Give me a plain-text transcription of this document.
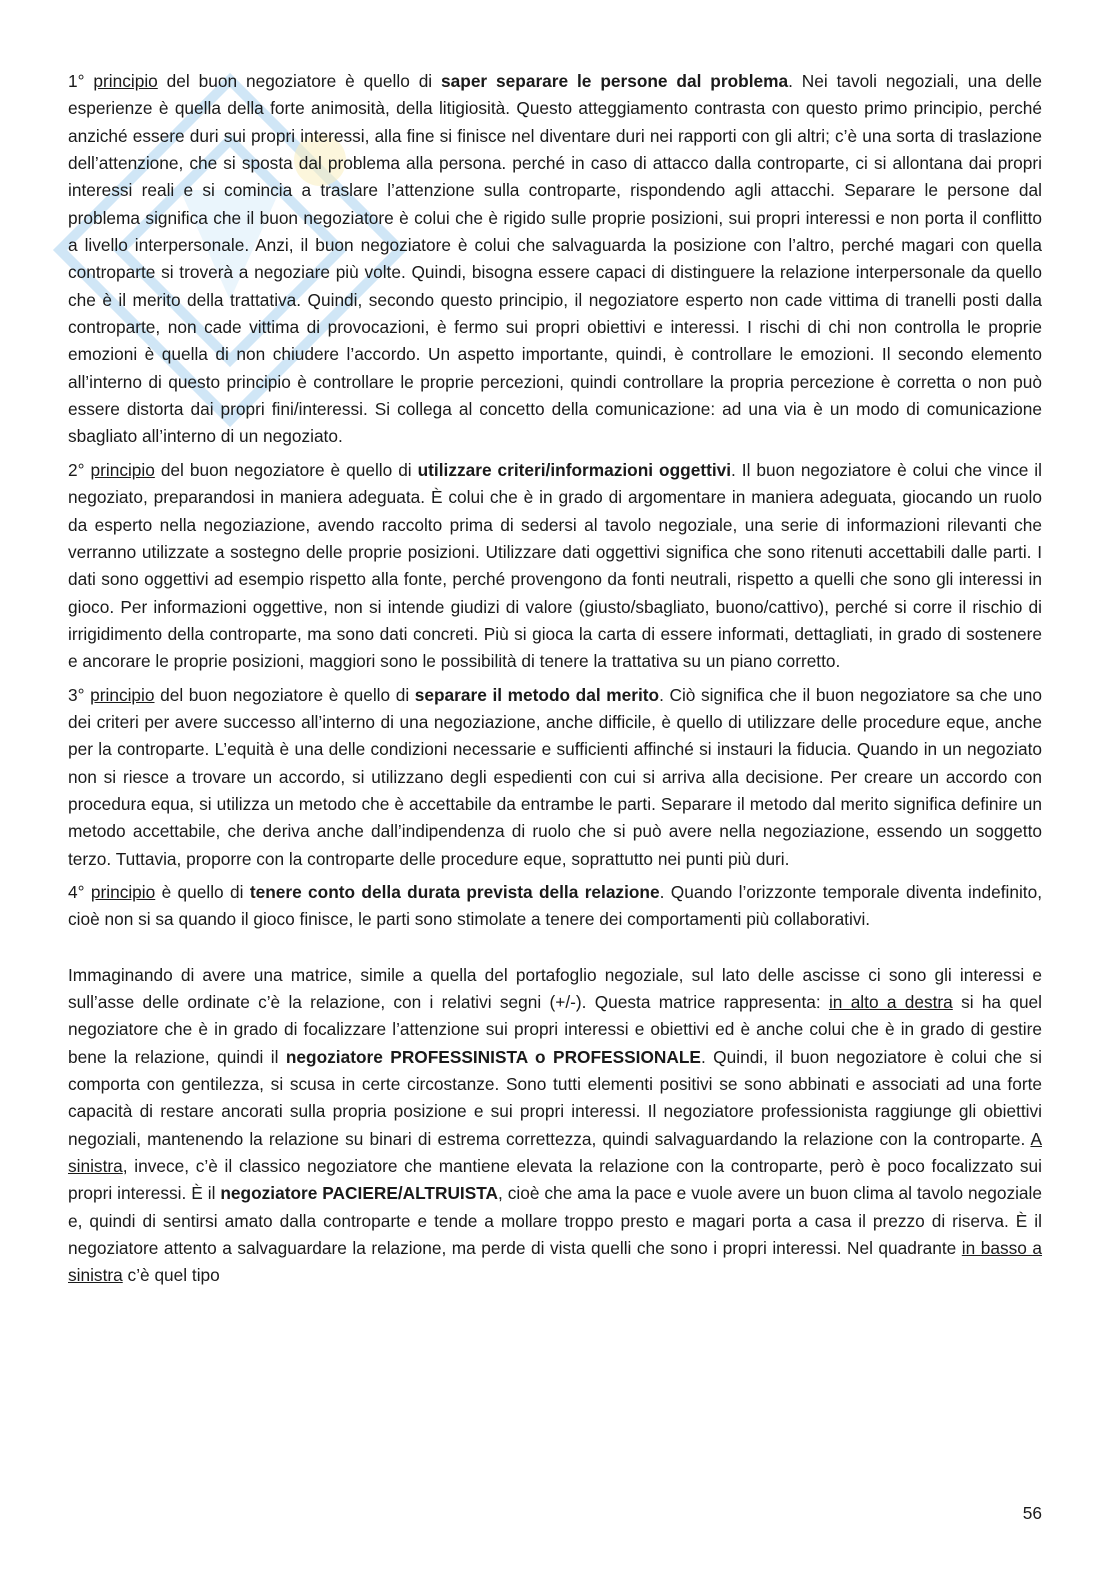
1° principio del buon negoziatore è quello di saper separare le persone dal problema. Nei tavoli negoziali, una delle esperienze è quella della forte animosità, della litigiosità. Questo atteggiamento contrasta con questo primo principio, perché anziché essere duri sui propri interessi, alla fine si finisce nel diventare duri nei rapporti con gli altri; c’è una sorta di traslazione dell’attenzione, che si sposta dal problema alla persona. perché in caso di attacco dalla controparte, ci si allontana dai propri interessi reali e si comincia a traslare l’attenzione sulla controparte, rispondendo agli attacchi. Separare le persone dal problema significa che il buon negoziatore è colui che è rigido sulle proprie posizioni, sui propri interessi e non porta il conflitto a livello interpersonale. Anzi, il buon negoziatore è colui che salvaguarda la posizione con l’altro, perché magari con quella controparte si troverà a negoziare più volte. Quindi, bisogna essere capaci di distinguere la relazione interpersonale da quello che è il merito della trattativa. Quindi, secondo questo principio, il negoziatore esperto non cade vittima di tranelli posti dalla controparte, non cade vittima di provocazioni, è fermo sui propri obiettivi e interessi. I rischi di chi non controlla le proprie emozioni è quella di non chiudere l’accordo. Un aspetto importante, quindi, è controllare le emozioni. Il secondo elemento all’interno di questo principio è controllare le proprie percezioni, quindi controllare la propria percezione è corretta o non può essere distorta dai propri fini/interessi. Si collega al concetto della comunicazione: ad una via è un modo di comunicazione sbagliato all’interno di un negoziato.

2° principio del buon negoziatore è quello di utilizzare criteri/informazioni oggettivi. Il buon negoziatore è colui che vince il negoziato, preparandosi in maniera adeguata. È colui che è in grado di argomentare in maniera adeguata, giocando un ruolo da esperto nella negoziazione, avendo raccolto prima di sedersi al tavolo negoziale, una serie di informazioni rilevanti che verranno utilizzate a sostegno delle proprie posizioni. Utilizzare dati oggettivi significa che sono ritenuti accettabili dalle parti. I dati sono oggettivi ad esempio rispetto alla fonte, perché provengono da fonti neutrali, rispetto a quelli che sono gli interessi in gioco. Per informazioni oggettive, non si intende giudizi di valore (giusto/sbagliato, buono/cattivo), perché si corre il rischio di irrigidimento della controparte, ma sono dati concreti. Più si gioca la carta di essere informati, dettagliati, in grado di sostenere e ancorare le proprie posizioni, maggiori sono le possibilità di tenere la trattativa su un piano corretto.

3° principio del buon negoziatore è quello di separare il metodo dal merito. Ciò significa che il buon negoziatore sa che uno dei criteri per avere successo all’interno di una negoziazione, anche difficile, è quello di utilizzare delle procedure eque, anche per la controparte. L’equità è una delle condizioni necessarie e sufficienti affinché si instauri la fiducia. Quando in un negoziato non si riesce a trovare un accordo, si utilizzano degli espedienti con cui si arriva alla decisione. Per creare un accordo con procedura equa, si utilizza un metodo che è accettabile da entrambe le parti. Separare il metodo dal merito significa definire un metodo accettabile, che deriva anche dall’indipendenza di ruolo che si può avere nella negoziazione, essendo un soggetto terzo. Tuttavia, proporre con la controparte delle procedure eque, soprattutto nei punti più duri.

4° principio è quello di tenere conto della durata prevista della relazione. Quando l’orizzonte temporale diventa indefinito, cioè non si sa quando il gioco finisce, le parti sono stimolate a tenere dei comportamenti più collaborativi.

Immaginando di avere una matrice, simile a quella del portafoglio negoziale, sul lato delle ascisse ci sono gli interessi e sull’asse delle ordinate c’è la relazione, con i relativi segni (+/-). Questa matrice rappresenta: in alto a destra si ha quel negoziatore che è in grado di focalizzare l’attenzione sui propri interessi e obiettivi ed è anche colui che è in grado di gestire bene la relazione, quindi il negoziatore PROFESSINISTA o PROFESSIONALE. Quindi, il buon negoziatore è colui che si comporta con gentilezza, si scusa in certe circostanze. Sono tutti elementi positivi se sono abbinati e associati ad una forte capacità di restare ancorati sulla propria posizione e sui propri interessi. Il negoziatore professionista raggiunge gli obiettivi negoziali, mantenendo la relazione su binari di estrema correttezza, quindi salvaguardando la relazione con la controparte. A sinistra, invece, c’è il classico negoziatore che mantiene elevata la relazione con la controparte, però è poco focalizzato sui propri interessi. È il negoziatore PACIERE/ALTRUISTA, cioè che ama la pace e vuole avere un buon clima al tavolo negoziale e, quindi di sentirsi amato dalla controparte e tende a mollare troppo presto e magari porta a casa il prezzo di riserva. È il negoziatore attento a salvaguardare la relazione, ma perde di vista quelli che sono i propri interessi. Nel quadrante in basso a sinistra c’è quel tipo

56
